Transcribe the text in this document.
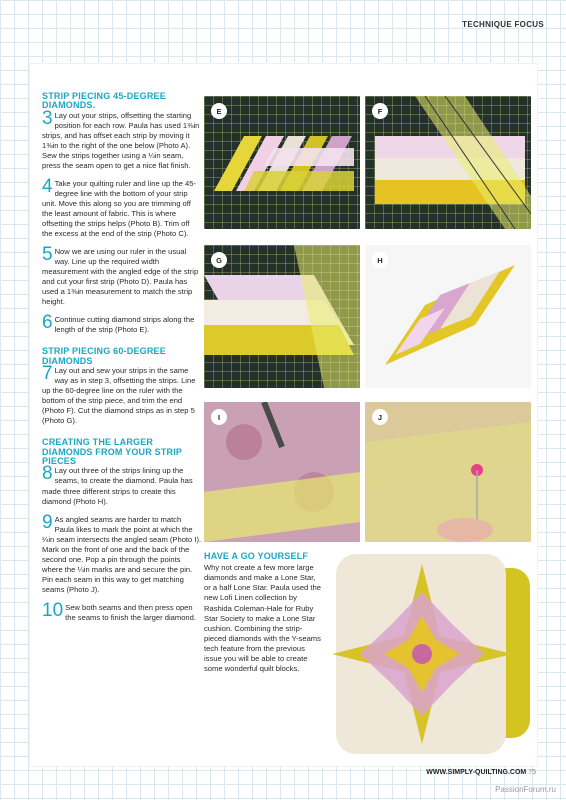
TECHNIQUE FOCUS
STRIP PIECING 45-DEGREE DIAMONDS.

3 Lay out your strips, offsetting the starting position for each row. Paula has used 1⅜in strips, and has offset each strip by moving it 1⅜in to the right of the one below (Photo A). Sew the strips together using a ¼in seam, press the seam open to get a nice flat finish.

4 Take your quilting ruler and line up the 45-degree line with the bottom of your strip unit. Move this along so you are trimming off the least amount of fabric. This is where offsetting the strips helps (Photo B). Trim off the excess at the end of the strip (Photo C).

5 Now we are using our ruler in the usual way. Line up the required width measurement with the angled edge of the strip and cut your first strip (Photo D). Paula has used a 1⅜in measurement to match the strip height.

6 Continue cutting diamond strips along the length of the strip (Photo E).

STRIP PIECING 60-DEGREE DIAMONDS

7 Lay out and sew your strips in the same way as in step 3, offsetting the strips. Line up the 60-degree line on the ruler with the bottom of the strip piece, and trim the end (Photo F). Cut the diamond strips as in step 5 (Photo G).

CREATING THE LARGER DIAMONDS FROM YOUR STRIP PIECES

8 Lay out three of the strips lining up the seams, to create the diamond. Paula has made three different strips to create this diamond (Photo H).

9 As angled seams are harder to match Paula likes to mark the point at which the ¼in seam intersects the angled seam (Photo I). Mark on the front of one and the back of the second one. Pop a pin through the points where the ¼in marks are and secure the pin. Pin each seam in this way to get matching seams (Photo J).

10 Sew both seams and then press open the seams to finish the larger diamond.

E	F
G	H
I	J
HAVE A GO YOURSELF
Why not create a few more large diamonds and make a Lone Star, or a half Lone Star. Paula used the new Lofi Linen collection by Rashida Coleman-Hale for Ruby Star Society to make a Lone Star cushion. Combining the strip-pieced diamonds with the Y-seams tech feature from the previous issue you will be able to create some wonderful quilt blocks.
WWW.SIMPLY-QUILTING.COM 75
PassionForum.ru
